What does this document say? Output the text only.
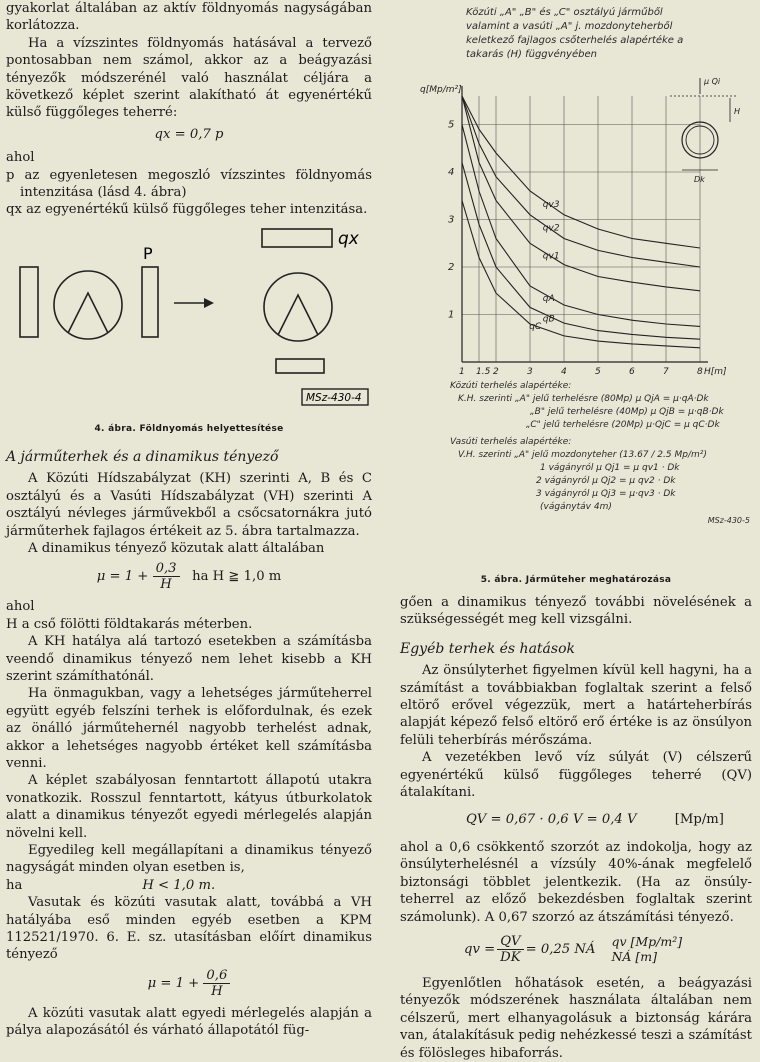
gyakorlat általában az aktív földnyomás nagyságában korlátozza.

Ha a vízszintes földnyomás hatásával a tervező pontosabban nem számol, akkor az a beágyazási tényezők módszerénél való használat céljára a következő képlet szerint alakítható át egyenértékű külső függőleges teherré:

qx = 0,7 p

ahol

p az egyenletesen megoszló vízszintes földnyomás intenzitása (lásd 4. ábra)

qx az egyenértékű külső függőleges teher intenzitása.

P
qx
MSz-430-4
4. ábra. Földnyomás helyettesítése
A járműterhek és a dinamikus tényező

A Közúti Hídszabályzat (KH) szerinti A, B és C osztályú és a Vasúti Hídszabályzat (VH) szerinti A osztályú névleges járművekből a csőcsatornákra jutó járműterhek fajlagos értékeit az 5. ábra tartalmazza.

A dinamikus tényező közutak alatt általában

$\mu = 1 + \frac{0,3}{H}$ ha H ≧ 1,0 m

ahol

H a cső fölötti földtakarás méterben.

A KH hatálya alá tartozó esetekben a számításba veendő dinamikus tényező nem lehet kisebb a KH szerint számíthatónál.

Ha önmagukban, vagy a lehetséges járműteherrel együtt egyéb felszíni terhek is előfordulnak, és ezek az önálló járműtehernél nagyobb terhelést adnak, akkor a lehetséges nagyobb értéket kell számításba venni.

A képlet szabályosan fenntartott állapotú utakra vonatkozik. Rosszul fenntartott, kátyus útburkolatok alatt a dinamikus tényezőt egyedi mérlegelés alapján növelni kell.

Egyedileg kell megállapítani a dinamikus tényező nagyságát minden olyan esetben is,

ha	H < 1,0 m.

Vasutak és közúti vasutak alatt, továbbá a VH hatályába eső minden egyéb esetben a KPM 112521/1970. 6. E. sz. utasításban előírt dinamikus tényező

$\mu = 1 + \frac{0,6}{H}$

A közúti vasutak alatt egyedi mérlegelés alapján a pálya alapozásától és várható állapotától füg-

Közúti „A" „B" és „C" osztályú járműből valamint a vasúti „A" j. mozdonyteherből keletkező fajlagos csőterhelés alapértéke a takarás (H) függvényében
1 1.5 2	3	4	5	6	7	8
1
2
3
4
5
q[Mp/m²]
H[m]
qv3
qv2
qv1
qA
qB
qC
μ Qi
H
Dk
Közúti terhelés alapértéke:
K.H. szerinti „A" jelű terhelésre (80Mp) μ QjA = μ·qA·Dk
„B" jelű terhelésre (40Mp) μ QjB = μ·qB·Dk
„C" jelű terhelésre (20Mp) μ·QjC = μ qC·Dk
Vasúti terhelés alapértéke:
V.H. szerinti „A" jelű mozdonyteher (13.67 / 2.5 Mp/m²)
1 vágányról μ Qj1 = μ qv1 · Dk
2 vágányról μ Qj2 = μ qv2 · Dk
3 vágányról μ Qj3 = μ·qv3 · Dk
(vágánytáv 4m)
MSz-430-5
5. ábra. Járműteher meghatározása

gően a dinamikus tényező további növelésének a szükségességét meg kell vizsgálni.

Egyéb terhek és hatások

Az önsúlyterhet figyelmen kívül kell hagyni, ha a számítást a továbbiakban foglaltak szerint a felső eltörő erővel végezzük, mert a határteherbírás alapját képező felső eltörő erő értéke is az önsúlyon felüli teherbírás mérőszáma.

A vezetékben levő víz súlyát (V) célszerű egyenértékű külső függőleges teherré (QV) átalakítani.

QV = 0,67 · 0,6 V = 0,4 V	[Mp/m]

ahol a 0,6 csökkentő szorzót az indokolja, hogy az önsúlyterhelésnél a vízsúly 40%-ának megfelelő biztonsági többlet jelentkezik. (Ha az önsúly-teherrel az előző bekezdésben foglaltak szerint számolunk). A 0,67 szorzó az átszámítási tényező.

qv = $\frac{QV}{DK} = 0,25$ NÁ qv [Mp/m²]
NÁ [m]

Egyenlőtlen hőhatások esetén, a beágyazási tényezők módszerének használata általában nem célszerű, mert elhanyagolásuk a biztonság kárára van, átalakításuk pedig nehézkessé teszi a számítást és fölösleges hibaforrás.
